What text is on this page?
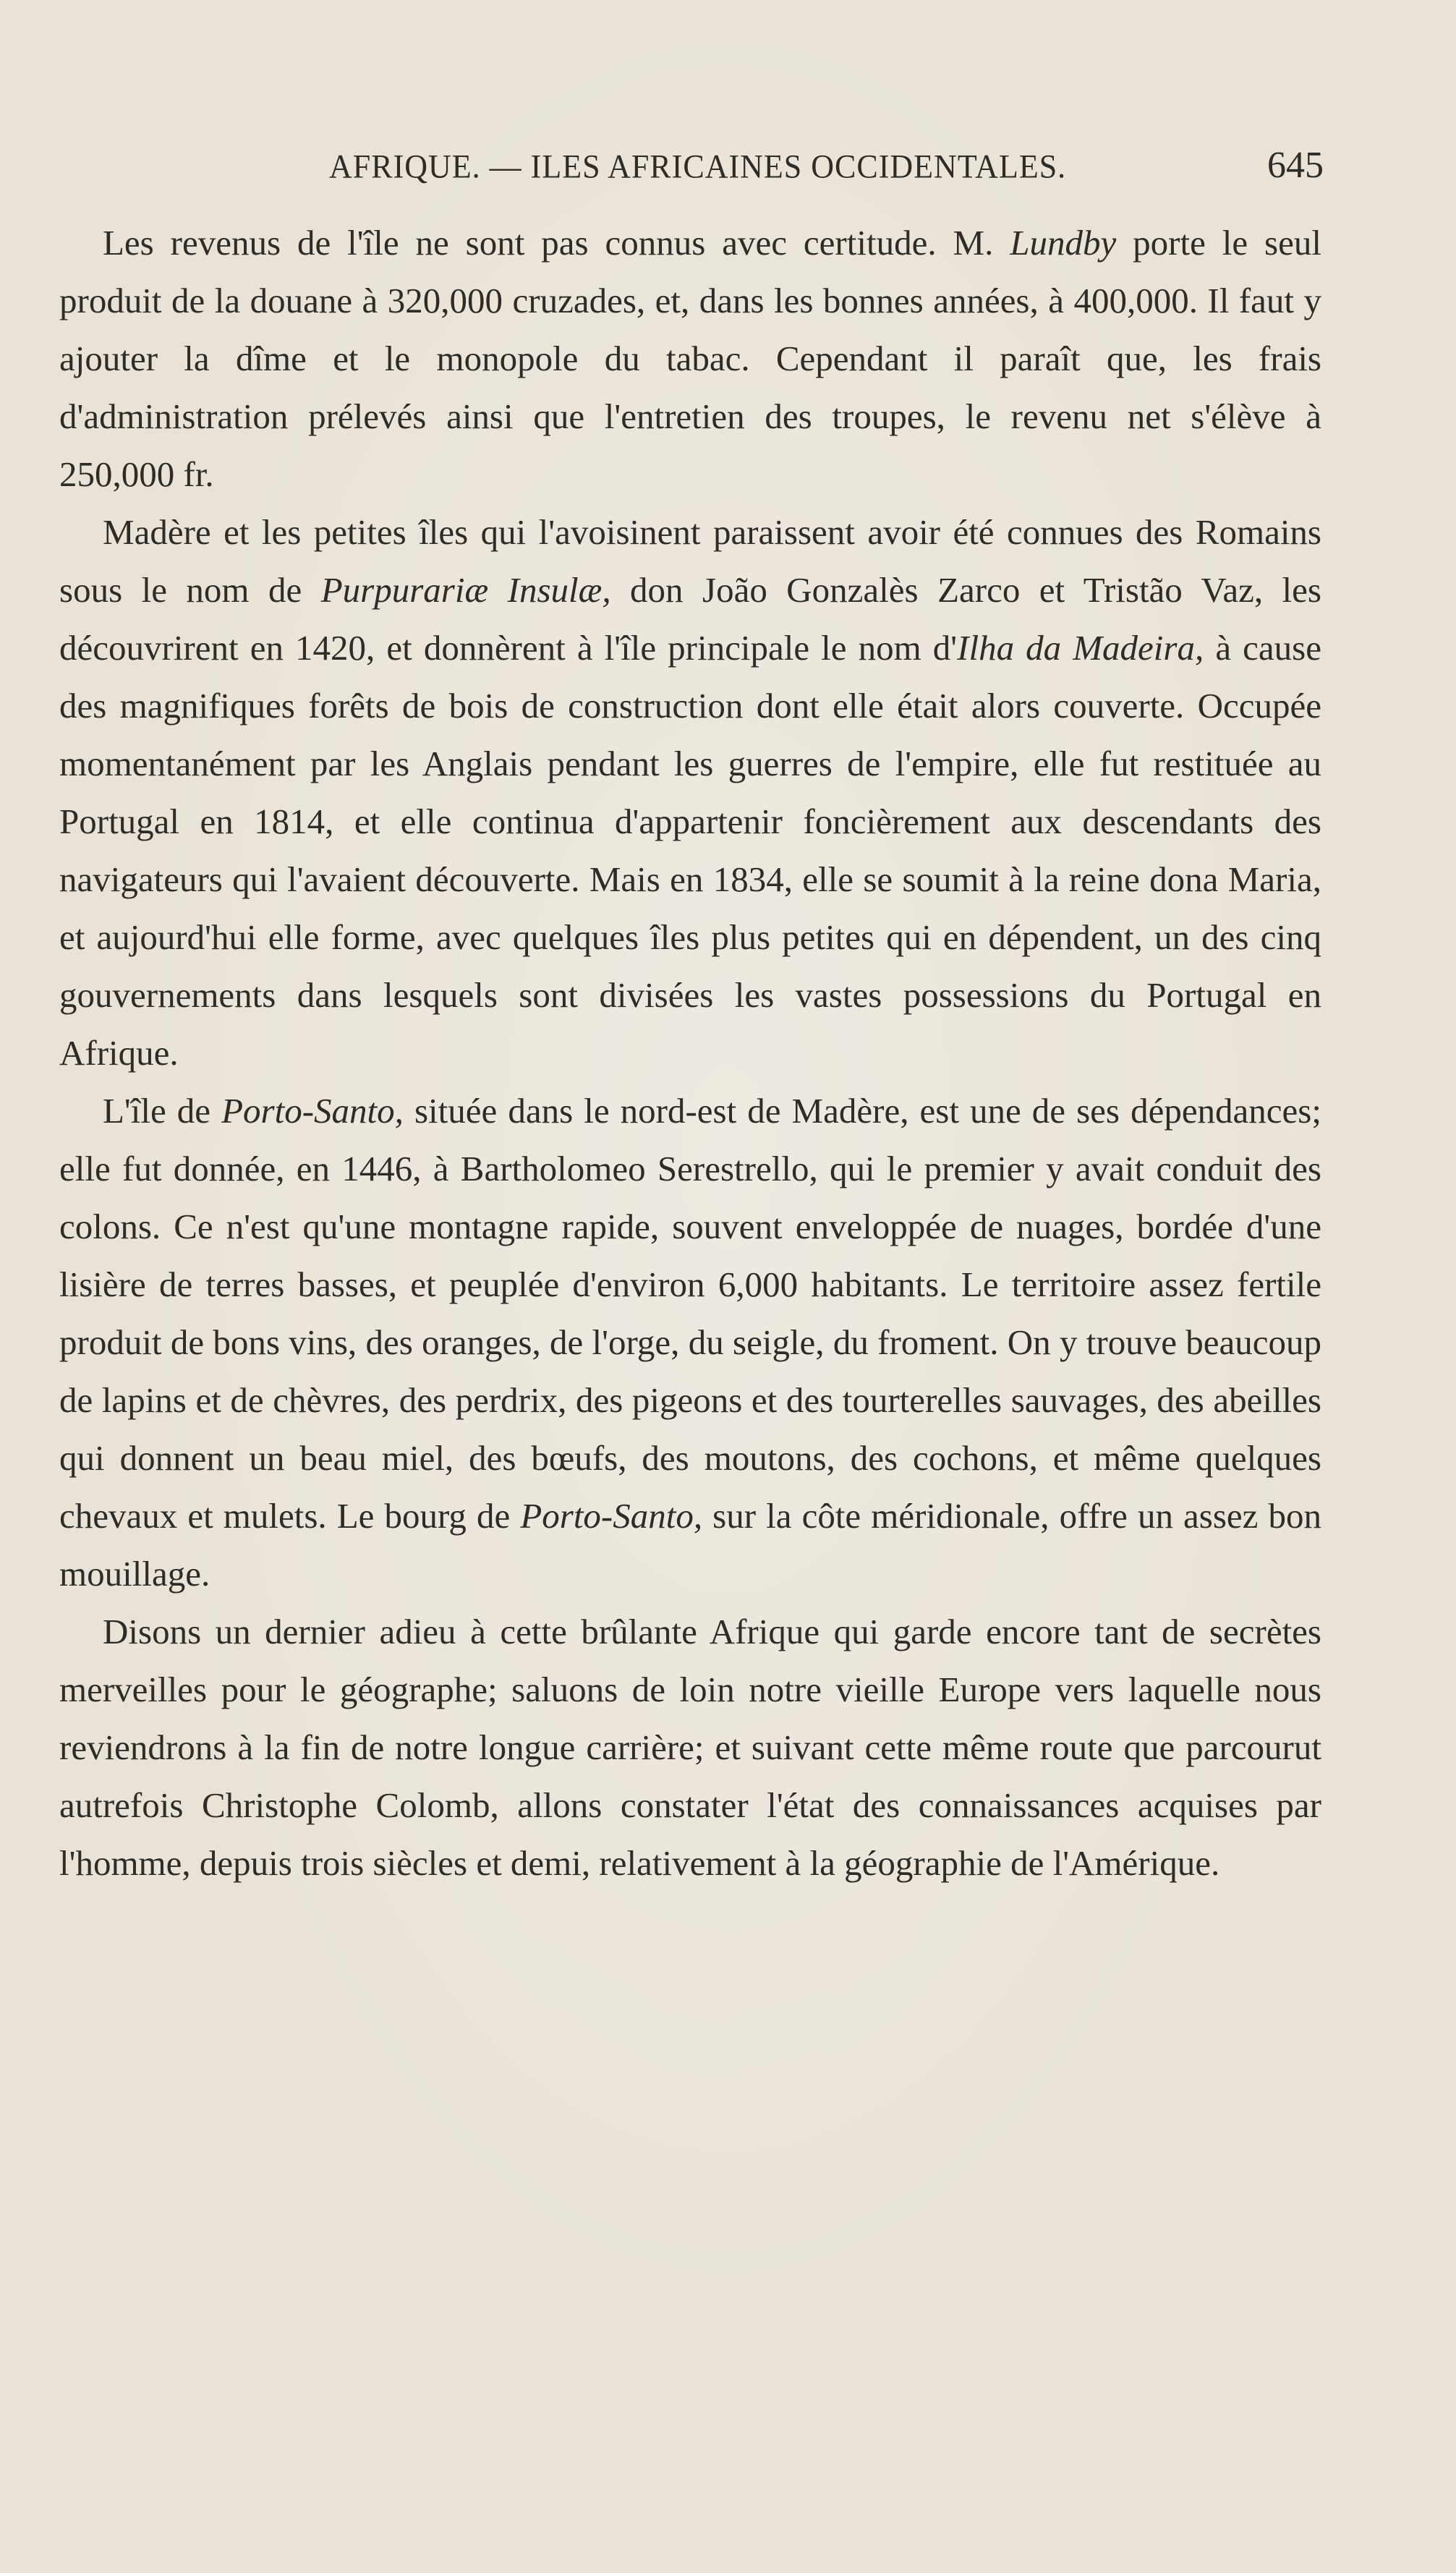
AFRIQUE. — ILES AFRICAINES OCCIDENTALES.	645

Les revenus de l'île ne sont pas connus avec certitude. M. Lundby porte le seul produit de la douane à 320,000 cruzades, et, dans les bonnes années, à 400,000. Il faut y ajouter la dîme et le monopole du tabac. Cependant il paraît que, les frais d'administration prélevés ainsi que l'entretien des troupes, le revenu net s'élève à 250,000 fr.

Madère et les petites îles qui l'avoisinent paraissent avoir été connues des Romains sous le nom de Purpurariæ Insulæ, don João Gonzalès Zarco et Tristão Vaz, les découvrirent en 1420, et donnèrent à l'île principale le nom d'Ilha da Madeira, à cause des magnifiques forêts de bois de construction dont elle était alors couverte. Occupée momentanément par les Anglais pendant les guerres de l'empire, elle fut restituée au Portugal en 1814, et elle continua d'appartenir foncièrement aux descendants des navigateurs qui l'avaient découverte. Mais en 1834, elle se soumit à la reine dona Maria, et aujourd'hui elle forme, avec quelques îles plus petites qui en dépendent, un des cinq gouvernements dans lesquels sont divisées les vastes possessions du Portugal en Afrique.

L'île de Porto-Santo, située dans le nord-est de Madère, est une de ses dépendances; elle fut donnée, en 1446, à Bartholomeo Serestrello, qui le premier y avait conduit des colons. Ce n'est qu'une montagne rapide, souvent enveloppée de nuages, bordée d'une lisière de terres basses, et peuplée d'environ 6,000 habitants. Le territoire assez fertile produit de bons vins, des oranges, de l'orge, du seigle, du froment. On y trouve beaucoup de lapins et de chèvres, des perdrix, des pigeons et des tourterelles sauvages, des abeilles qui donnent un beau miel, des bœufs, des moutons, des cochons, et même quelques chevaux et mulets. Le bourg de Porto-Santo, sur la côte méridionale, offre un assez bon mouillage.

Disons un dernier adieu à cette brûlante Afrique qui garde encore tant de secrètes merveilles pour le géographe; saluons de loin notre vieille Europe vers laquelle nous reviendrons à la fin de notre longue carrière; et suivant cette même route que parcourut autrefois Christophe Colomb, allons constater l'état des connaissances acquises par l'homme, depuis trois siècles et demi, relativement à la géographie de l'Amérique.
